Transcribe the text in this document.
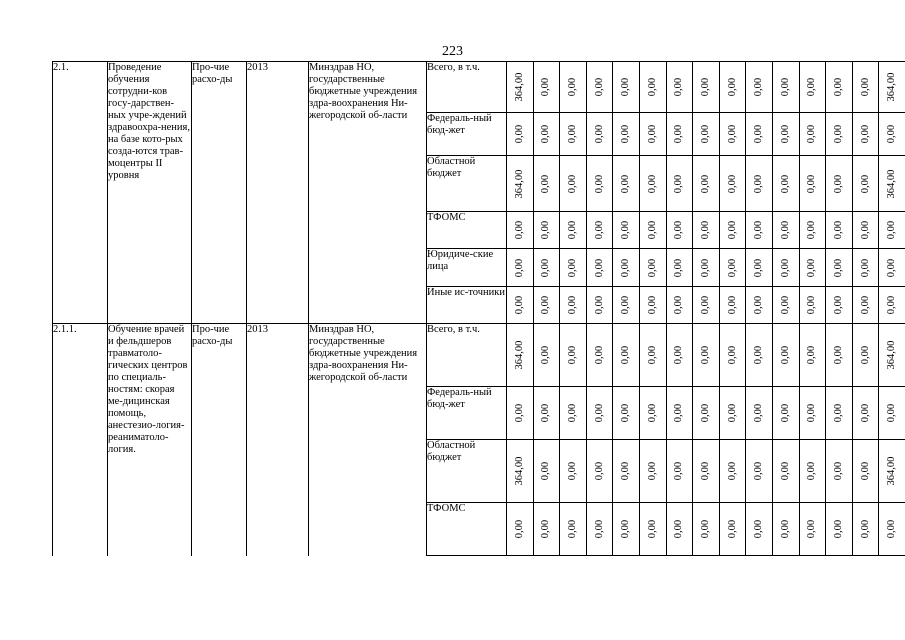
223
2.1.	Проведение обучения сотрудни-ков госу-дарствен-ных учре-ждений здравоохра-нения, на базе кото-рых созда-ются трав-моцентры II уровня	Про-чие расхо-ды	2013	Минздрав НО, государственные бюджетные учреждения здра-воохранения Ни-жегородской об-ласти	Всего, в т.ч.	364,00	0,00	0,00	0,00	0,00	0,00	0,00	0,00	0,00	0,00	0,00	0,00	0,00	0,00	364,00

					Федераль-ный бюд-жет	0,00	0,00	0,00	0,00	0,00	0,00	0,00	0,00	0,00	0,00	0,00	0,00	0,00	0,00	0,00

					Областной бюджет	364,00	0,00	0,00	0,00	0,00	0,00	0,00	0,00	0,00	0,00	0,00	0,00	0,00	0,00	364,00

					ТФОМС	0,00	0,00	0,00	0,00	0,00	0,00	0,00	0,00	0,00	0,00	0,00	0,00	0,00	0,00	0,00

					Юридиче-ские лица	0,00	0,00	0,00	0,00	0,00	0,00	0,00	0,00	0,00	0,00	0,00	0,00	0,00	0,00	0,00

					Иные ис-точники	0,00	0,00	0,00	0,00	0,00	0,00	0,00	0,00	0,00	0,00	0,00	0,00	0,00	0,00	0,00

2.1.1.	Обучение врачей и фельдшеров травматоло-гических центров по специаль-ностям: скорая ме-дицинская помощь, анестезио-логия-реаниматоло-логия.	Про-чие расхо-ды	2013	Минздрав НО, государственные бюджетные учреждения здра-воохранения Ни-жегородской об-ласти	Всего, в т.ч.	364,00	0,00	0,00	0,00	0,00	0,00	0,00	0,00	0,00	0,00	0,00	0,00	0,00	0,00	364,00

					Федераль-ный бюд-жет	0,00	0,00	0,00	0,00	0,00	0,00	0,00	0,00	0,00	0,00	0,00	0,00	0,00	0,00	0,00

					Областной бюджет	364,00	0,00	0,00	0,00	0,00	0,00	0,00	0,00	0,00	0,00	0,00	0,00	0,00	0,00	364,00

					ТФОМС	0,00	0,00	0,00	0,00	0,00	0,00	0,00	0,00	0,00	0,00	0,00	0,00	0,00	0,00	0,00
